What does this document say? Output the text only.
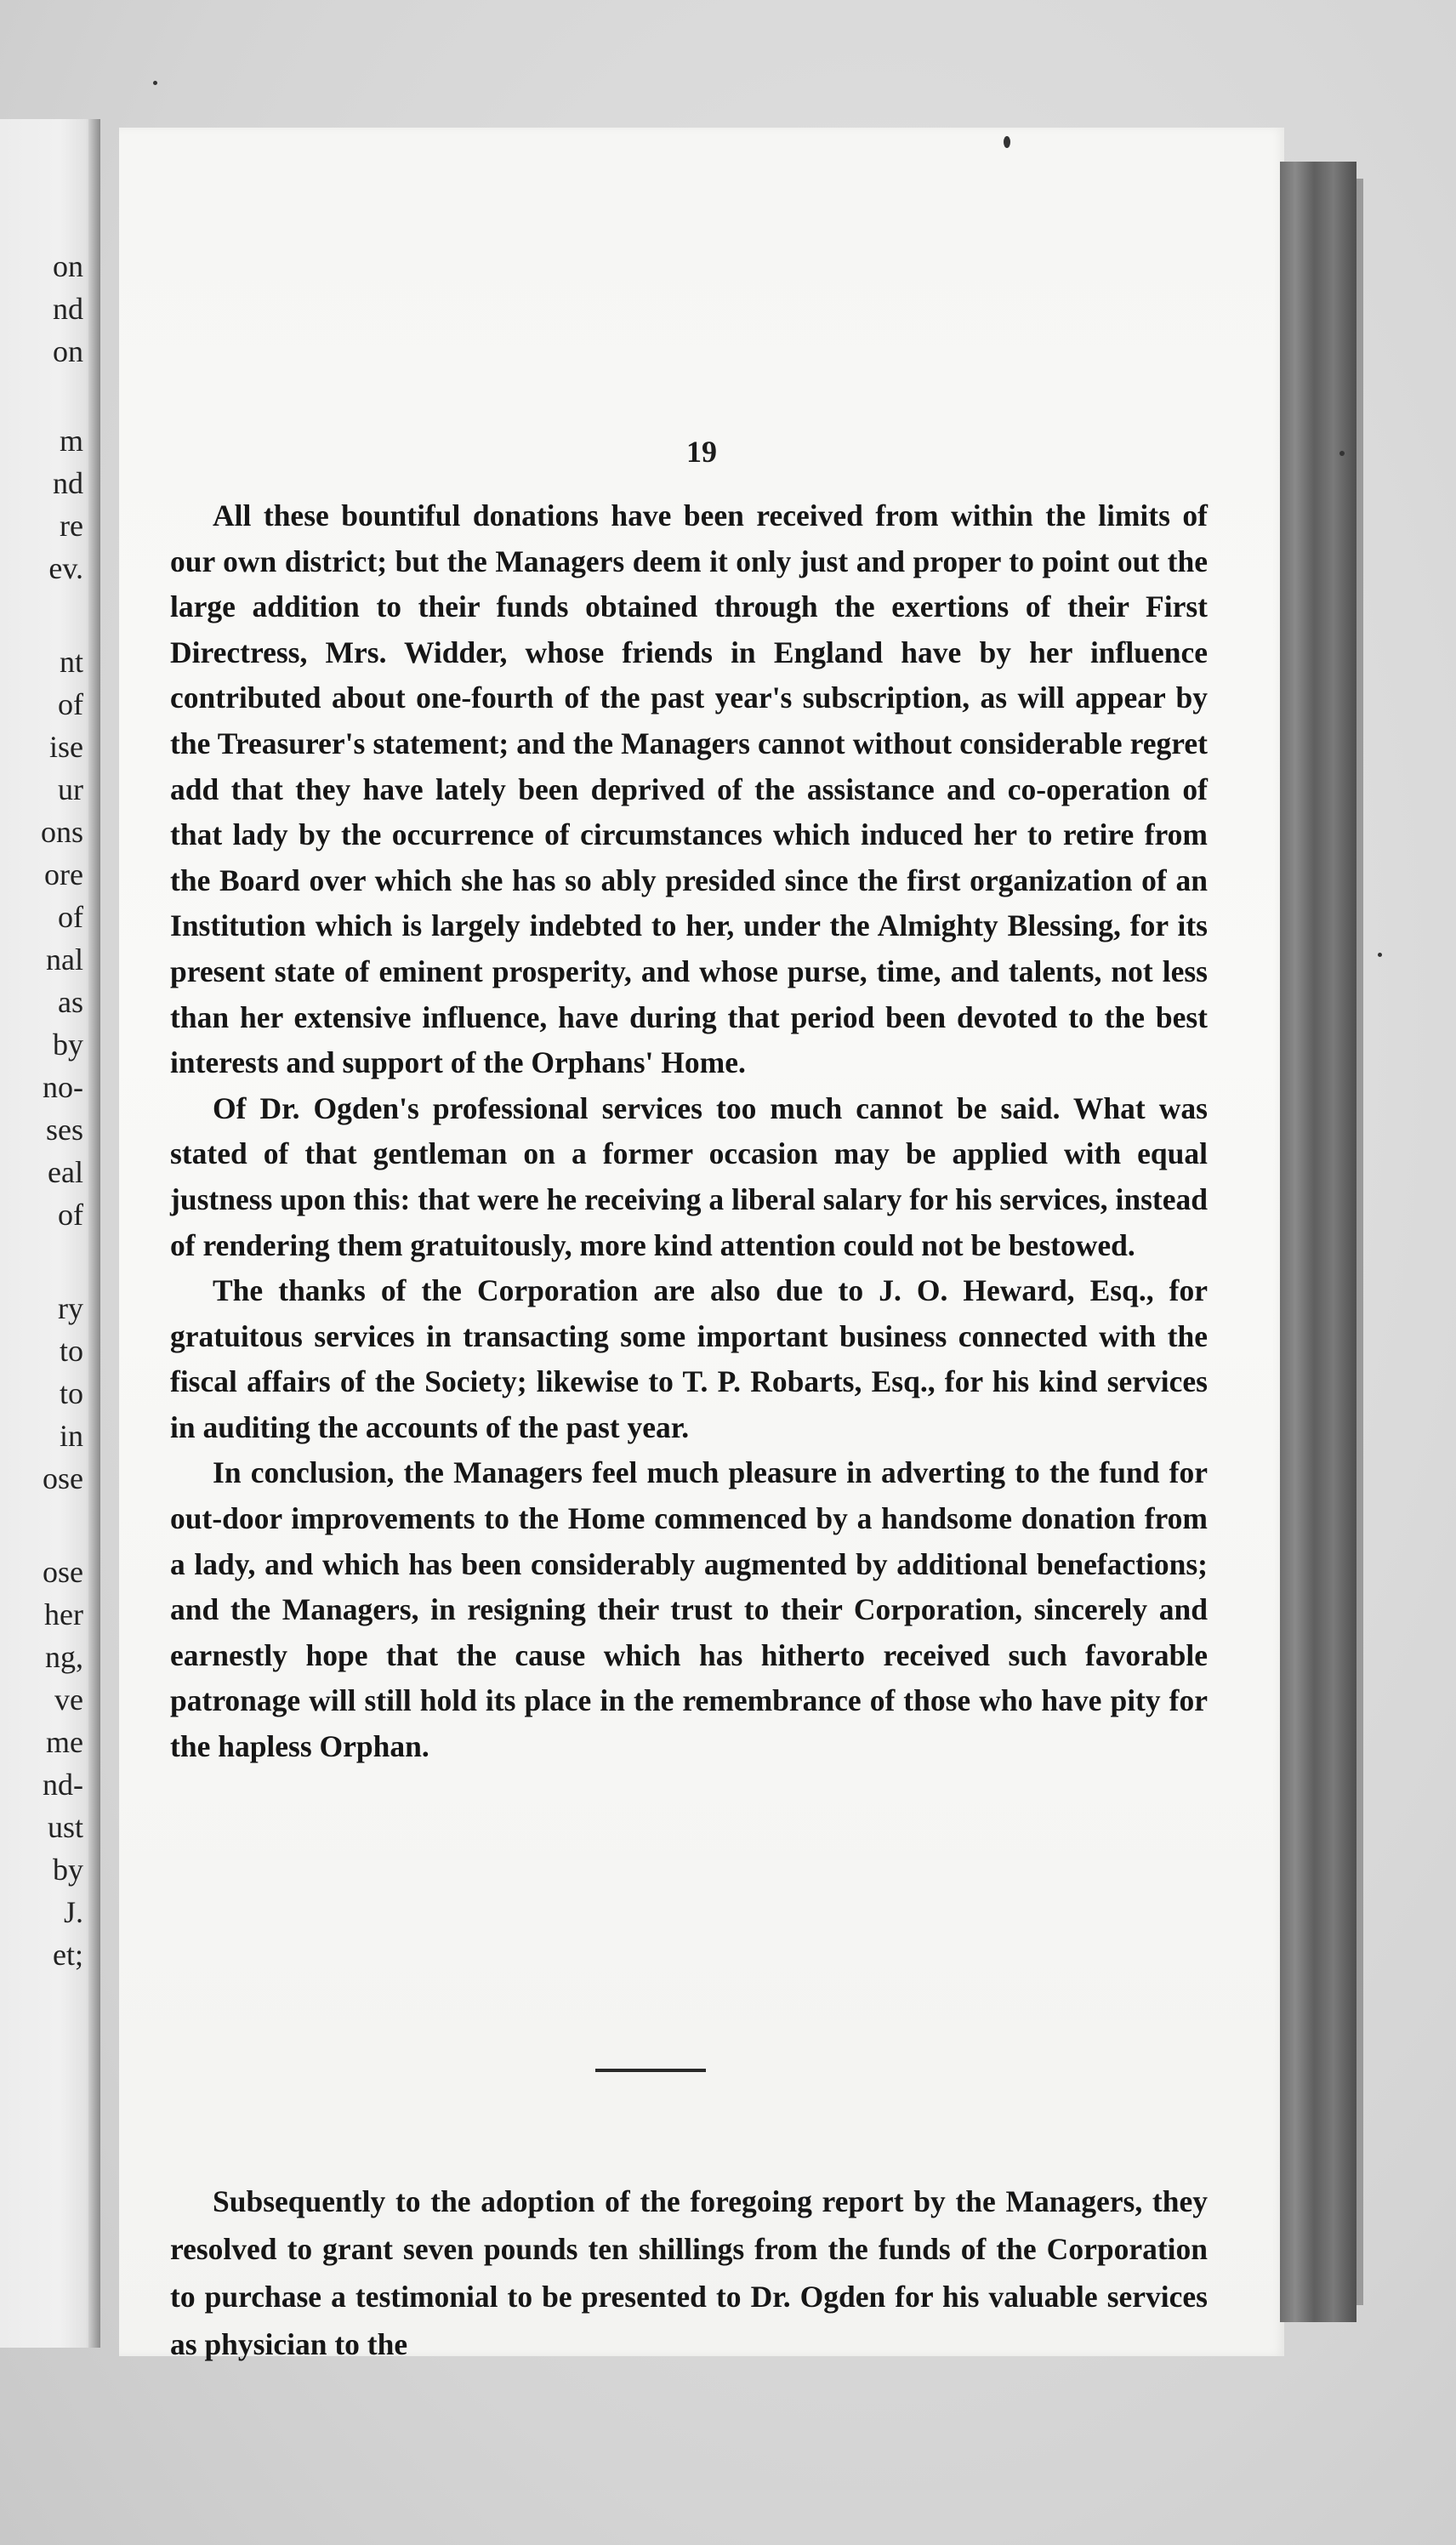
on
nd
on
m
nd
re
ev.
nt
of
ise
ur
ons
ore
of
nal
as
by
no-
ses
eal
of
ry
to
to
in
ose
ose
her
ng,
ve
me
nd-
ust
by
J.
et;
19

All these bountiful donations have been received from within the limits of our own district; but the Managers deem it only just and proper to point out the large addition to their funds obtained through the exertions of their First Directress, Mrs. Widder, whose friends in England have by her influence contributed about one-fourth of the past year's subscription, as will appear by the Treasurer's statement; and the Managers cannot without considerable regret add that they have lately been deprived of the assistance and co-operation of that lady by the occurrence of circumstances which induced her to retire from the Board over which she has so ably presided since the first organization of an Institution which is largely indebted to her, under the Almighty Blessing, for its present state of eminent prosperity, and whose purse, time, and talents, not less than her extensive influence, have during that period been devoted to the best interests and support of the Orphans' Home.

Of Dr. Ogden's professional services too much cannot be said. What was stated of that gentleman on a former occasion may be applied with equal justness upon this: that were he receiving a liberal salary for his services, instead of rendering them gratuitously, more kind attention could not be bestowed.

The thanks of the Corporation are also due to J. O. Heward, Esq., for gratuitous services in transacting some important business connected with the fiscal affairs of the Society; likewise to T. P. Robarts, Esq., for his kind services in auditing the accounts of the past year.

In conclusion, the Managers feel much pleasure in adverting to the fund for out-door improvements to the Home commenced by a handsome donation from a lady, and which has been considerably augmented by additional benefactions; and the Managers, in resigning their trust to their Corporation, sincerely and earnestly hope that the cause which has hitherto received such favorable patronage will still hold its place in the remembrance of those who have pity for the hapless Orphan.

Subsequently to the adoption of the foregoing report by the Managers, they resolved to grant seven pounds ten shillings from the funds of the Corporation to purchase a testimonial to be presented to Dr. Ogden for his valuable services as physician to the
